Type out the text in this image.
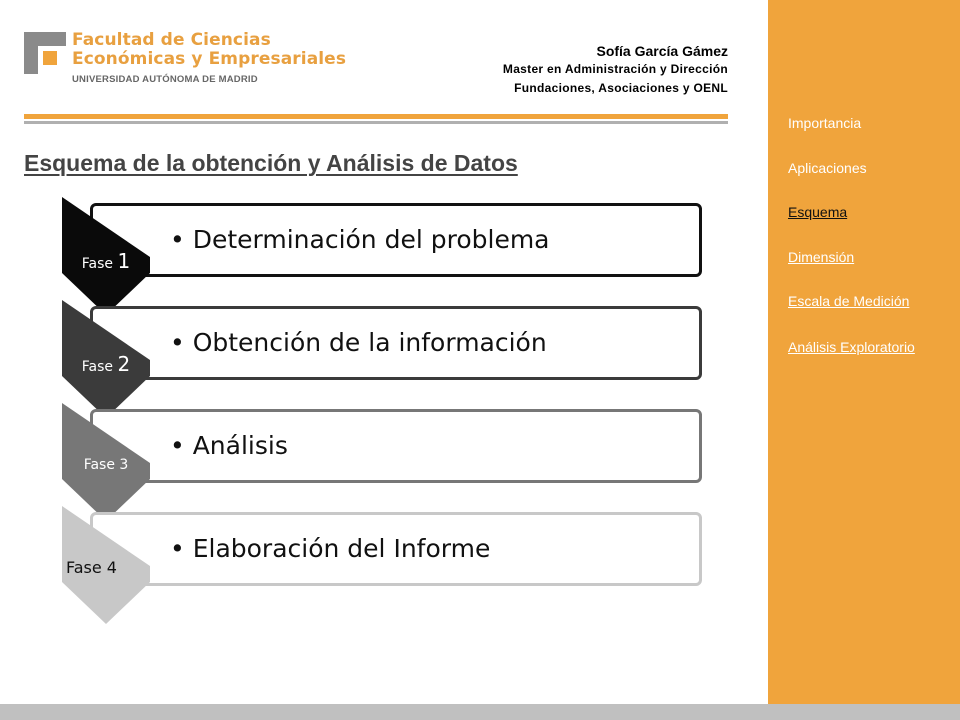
Facultad de Ciencias
Económicas y Empresariales
UNIVERSIDAD AUTÓNOMA DE MADRID
Sofía García Gámez
Master en Administración y Dirección
Fundaciones, Asociaciones y OENL
Esquema de la obtención y Análisis de Datos
Fase 1
• Determinación del problema
Fase 2
• Obtención de la información
Fase 3
• Análisis
Fase 4
• Elaboración del Informe
Importancia
Aplicaciones
Esquema
Dimensión
Escala de Medición
Análisis Exploratorio
